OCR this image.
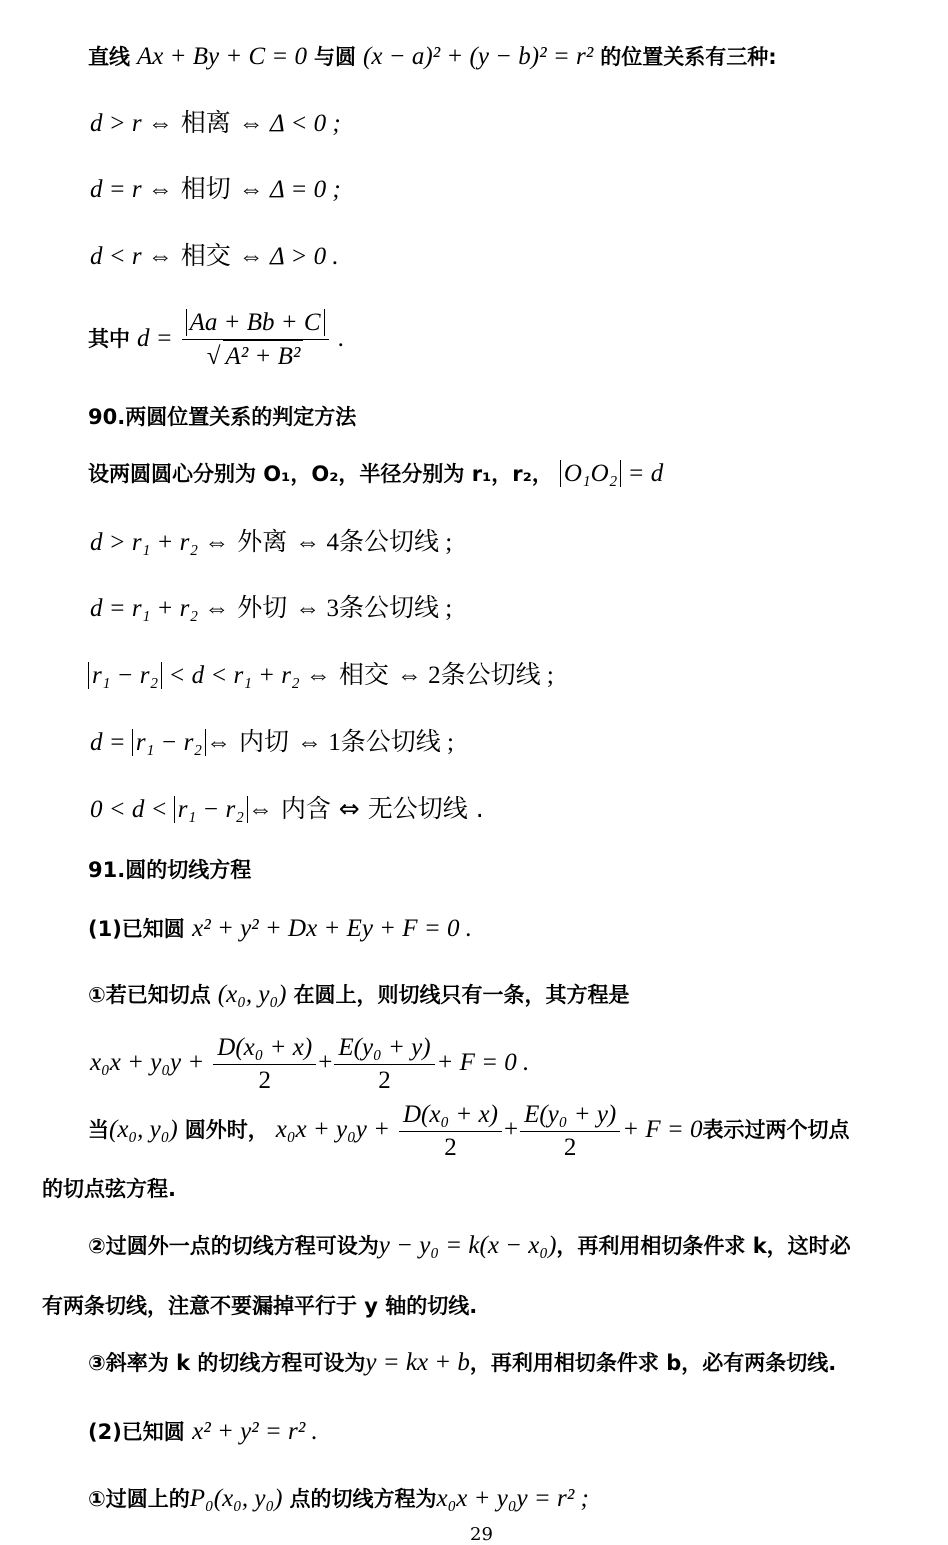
直线 Ax + By + C = 0 与圆 (x − a)² + (y − b)² = r² 的位置关系有三种:
d > r ⇔ 相离 ⇔ Δ < 0 ;
d = r ⇔ 相切 ⇔ Δ = 0 ;
d < r ⇔ 相交 ⇔ Δ > 0 .
其中 $d = \frac{Aa + Bb + C}{\text{√ A² + B²}}$ .
90.两圆位置关系的判定方法
设两圆圆心分别为 O₁，O₂，半径分别为 r₁，r₂， O₁O₂ = d
d > r₁ + r₂ ⇔ 外离 ⇔ 4条公切线 ;
d = r₁ + r₂ ⇔ 外切 ⇔ 3条公切线 ;
r₁ − r₂ < d < r₁ + r₂ ⇔ 相交 ⇔ 2条公切线 ;
d = r₁ − r₂ ⇔ 内切 ⇔ 1条公切线 ;
0 < d < r₁ − r₂ ⇔ 内含 ⇔ 无公切线 .
91.圆的切线方程
(1)已知圆 x² + y² + Dx + Ey + F = 0 .
①若已知切点 (x₀, y₀) 在圆上，则切线只有一条，其方程是
$x_0x + y_0y + \frac{\text{D(x₀ + x)}}{2} + \frac{\text{E(y₀ + y)}}{2} + F = 0$ .
当(x₀, y₀) 圆外时， $x_0x + y_0y + \frac{\text{D(x₀ + x)}}{2} + \frac{\text{E(y₀ + y)}}{2} + F = 0$表示过两个切点
的切点弦方程.
②过圆外一点的切线方程可设为y − y₀ = k(x − x₀)，再利用相切条件求 k，这时必
有两条切线，注意不要漏掉平行于 y 轴的切线.
③斜率为 k 的切线方程可设为y = kx + b，再利用相切条件求 b，必有两条切线.
(2)已知圆 x² + y² = r² .
①过圆上的P₀(x₀, y₀) 点的切线方程为x₀x + y₀y = r² ;
29
